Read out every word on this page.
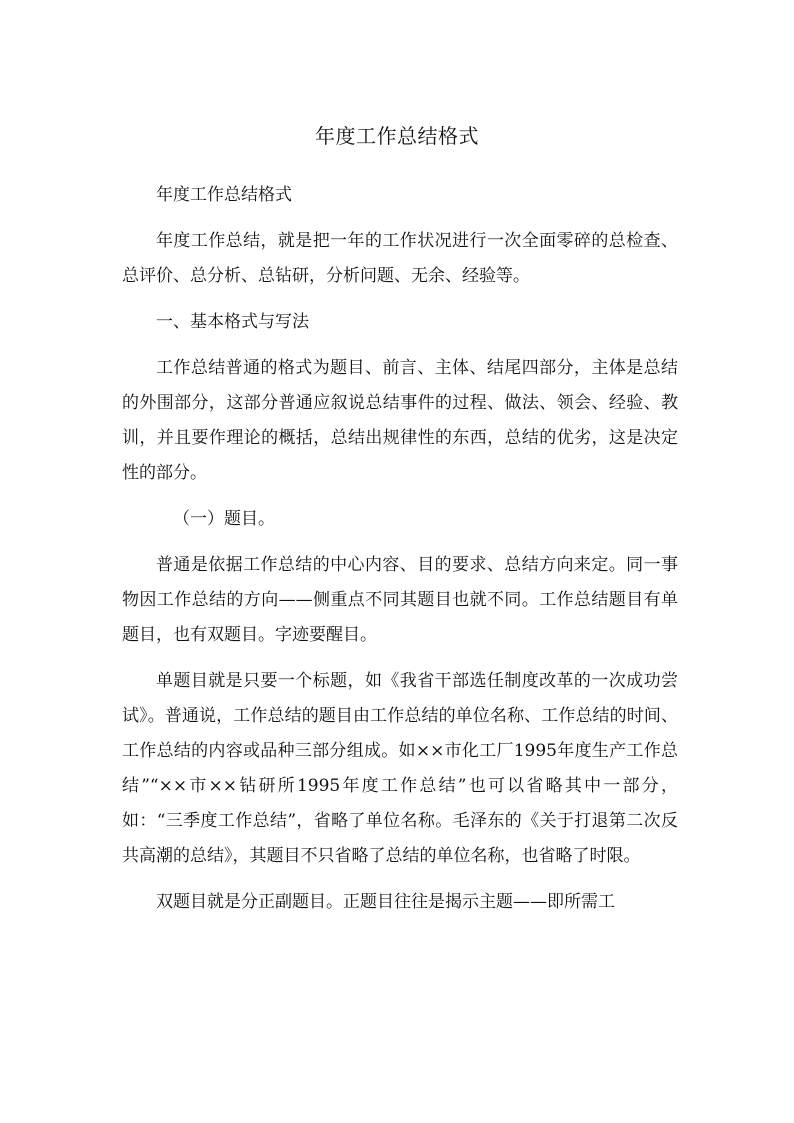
年度工作总结格式

年度工作总结格式

年度工作总结，就是把一年的工作状况进行一次全面零碎的总检查、总评价、总分析、总钻研，分析问题、无余、经验等。

一、基本格式与写法

工作总结普通的格式为题目、前言、主体、结尾四部分，主体是总结的外围部分，这部分普通应叙说总结事件的过程、做法、领会、经验、教训，并且要作理论的概括，总结出规律性的东西，总结的优劣，这是决定性的部分。

（一）题目。

普通是依据工作总结的中心内容、目的要求、总结方向来定。同一事物因工作总结的方向——侧重点不同其题目也就不同。工作总结题目有单题目，也有双题目。字迹要醒目。

单题目就是只要一个标题，如《我省干部选任制度改革的一次成功尝试》。普通说，工作总结的题目由工作总结的单位名称、工作总结的时间、工作总结的内容或品种三部分组成。如××市化工厂1995年度生产工作总结”“××市××钻研所1995年度工作总结”也可以省略其中一部分，如：“三季度工作总结”，省略了单位名称。毛泽东的《关于打退第二次反共高潮的总结》，其题目不只省略了总结的单位名称，也省略了时限。

双题目就是分正副题目。正题目往往是揭示主题——即所需工
